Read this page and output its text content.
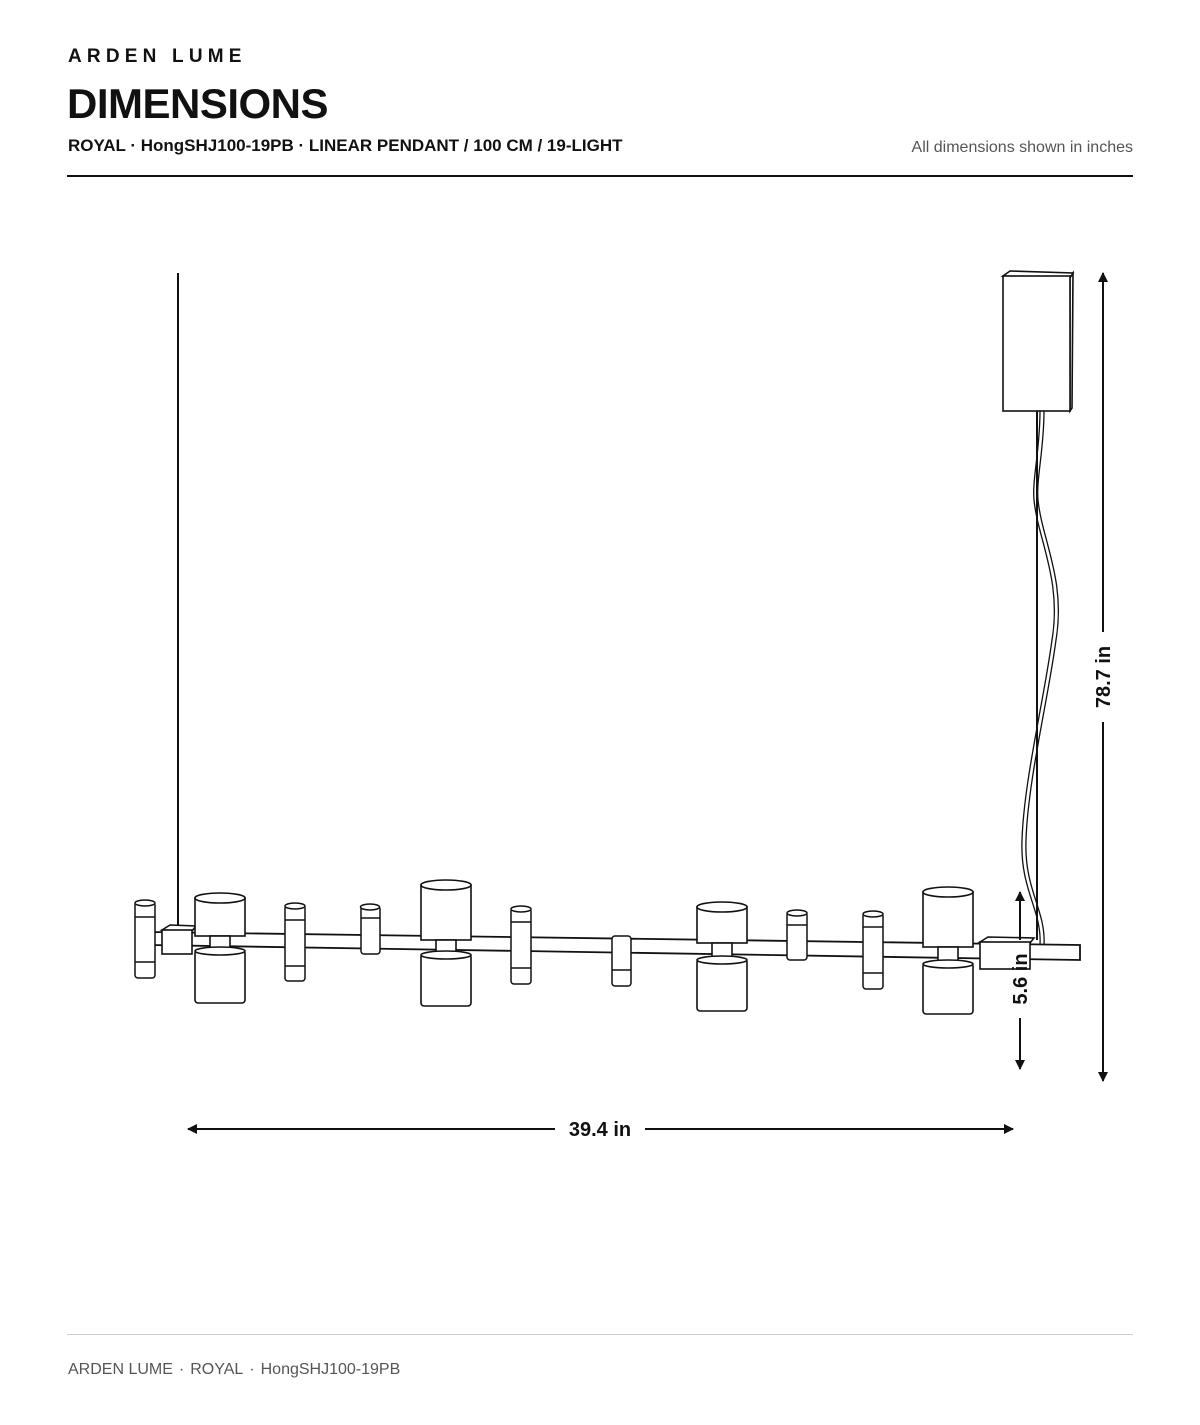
ARDEN LUME
DIMENSIONS
ROYAL · HongSHJ100-19PB · LINEAR PENDANT / 100 CM / 19-LIGHT	All dimensions shown in inches
39.4 in
78.7 in
5.6 in
ARDEN LUME · ROYAL · HongSHJ100-19PB
